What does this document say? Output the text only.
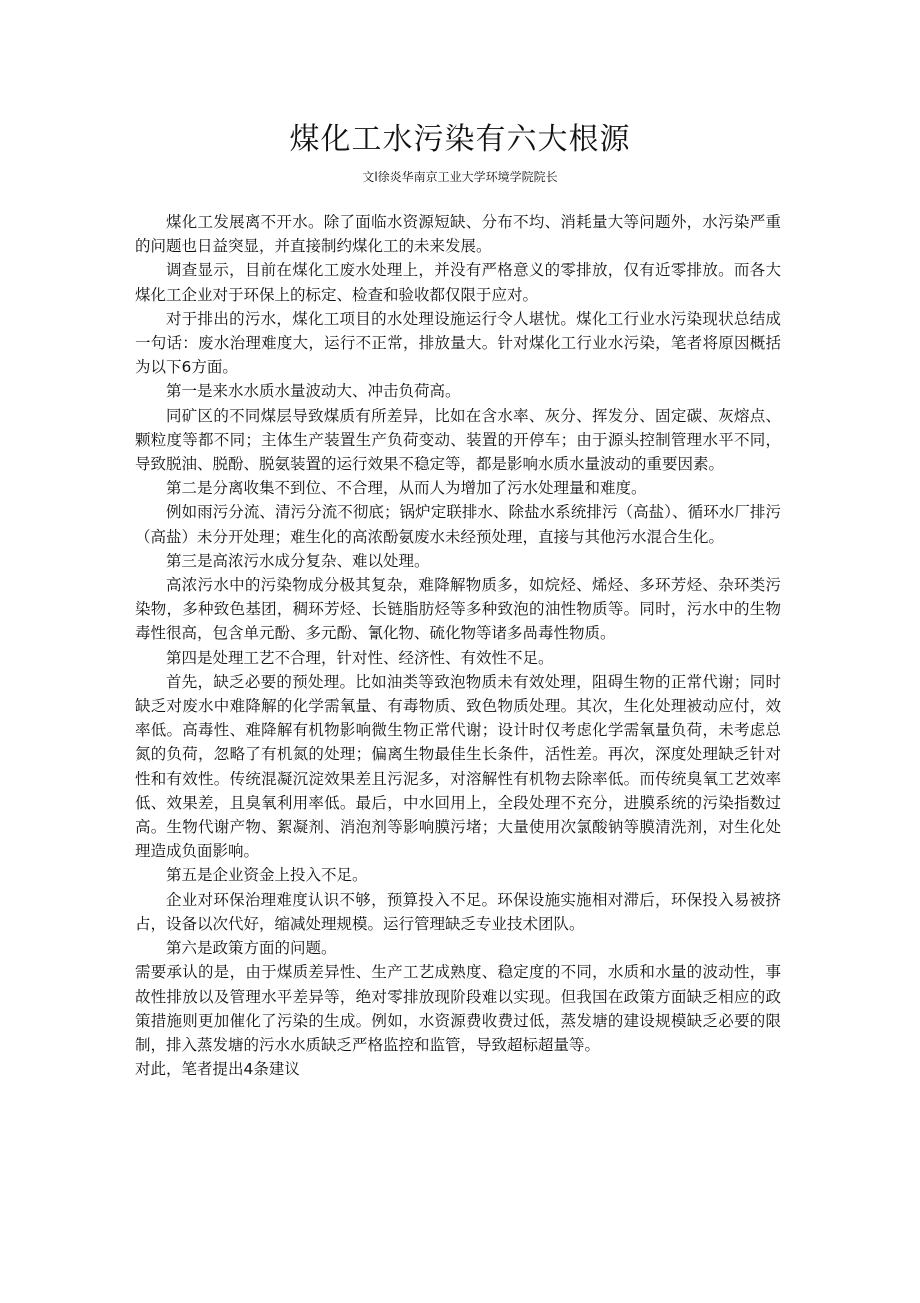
煤化工水污染有六大根源

文l徐炎华南京工业大学环境学院院长

煤化工发展离不开水。除了面临水资源短缺、分布不均、消耗量大等问题外，水污染严重的问题也日益突显，并直接制约煤化工的未来发展。

调查显示，目前在煤化工废水处理上，并没有严格意义的零排放，仅有近零排放。而各大煤化工企业对于环保上的标定、检查和验收都仅限于应对。

对于排出的污水，煤化工项目的水处理设施运行令人堪忧。煤化工行业水污染现状总结成一句话：废水治理难度大，运行不正常，排放量大。针对煤化工行业水污染，笔者将原因概括为以下6方面。

第一是来水水质水量波动大、冲击负荷高。

同矿区的不同煤层导致煤质有所差异，比如在含水率、灰分、挥发分、固定碳、灰熔点、颗粒度等都不同；主体生产装置生产负荷变动、装置的开停车；由于源头控制管理水平不同，导致脱油、脱酚、脱氨装置的运行效果不稳定等，都是影响水质水量波动的重要因素。

第二是分离收集不到位、不合理，从而人为增加了污水处理量和难度。

例如雨污分流、清污分流不彻底；锅炉定联排水、除盐水系统排污（高盐）、循环水厂排污（高盐）未分开处理；难生化的高浓酚氨废水未经预处理，直接与其他污水混合生化。

第三是高浓污水成分复杂、难以处理。

高浓污水中的污染物成分极其复杂，难降解物质多，如烷烃、烯烃、多环芳烃、杂环类污染物，多种致色基团，稠环芳烃、长链脂肪烃等多种致泡的油性物质等。同时，污水中的生物毒性很高，包含单元酚、多元酚、氰化物、硫化物等诸多咼毒性物质。

第四是处理工艺不合理，针对性、经济性、有效性不足。

首先，缺乏必要的预处理。比如油类等致泡物质未有效处理，阻碍生物的正常代谢；同时缺乏对废水中难降解的化学需氧量、有毒物质、致色物质处理。其次，生化处理被动应付，效率低。高毒性、难降解有机物影响微生物正常代谢；设计时仅考虑化学需氧量负荷，未考虑总氮的负荷，忽略了有机氮的处理；偏离生物最佳生长条件，活性差。再次，深度处理缺乏针对性和有效性。传统混凝沉淀效果差且污泥多，对溶解性有机物去除率低。而传统臭氧工艺效率低、效果差，且臭氧利用率低。最后，中水回用上，全段处理不充分，进膜系统的污染指数过高。生物代谢产物、絮凝剂、消泡剂等影响膜污堵；大量使用次氯酸钠等膜清洗剂，对生化处理造成负面影响。

第五是企业资金上投入不足。

企业对环保治理难度认识不够，预算投入不足。环保设施实施相对滞后，环保投入易被挤占，设备以次代好，缩减处理规模。运行管理缺乏专业技术团队。

第六是政策方面的问题。

需要承认的是，由于煤质差异性、生产工艺成熟度、稳定度的不同，水质和水量的波动性，事故性排放以及管理水平差异等，绝对零排放现阶段难以实现。但我国在政策方面缺乏相应的政策措施则更加催化了污染的生成。例如，水资源费收费过低，蒸发塘的建设规模缺乏必要的限制，排入蒸发塘的污水水质缺乏严格监控和监管，导致超标超量等。

对此，笔者提出4条建议
